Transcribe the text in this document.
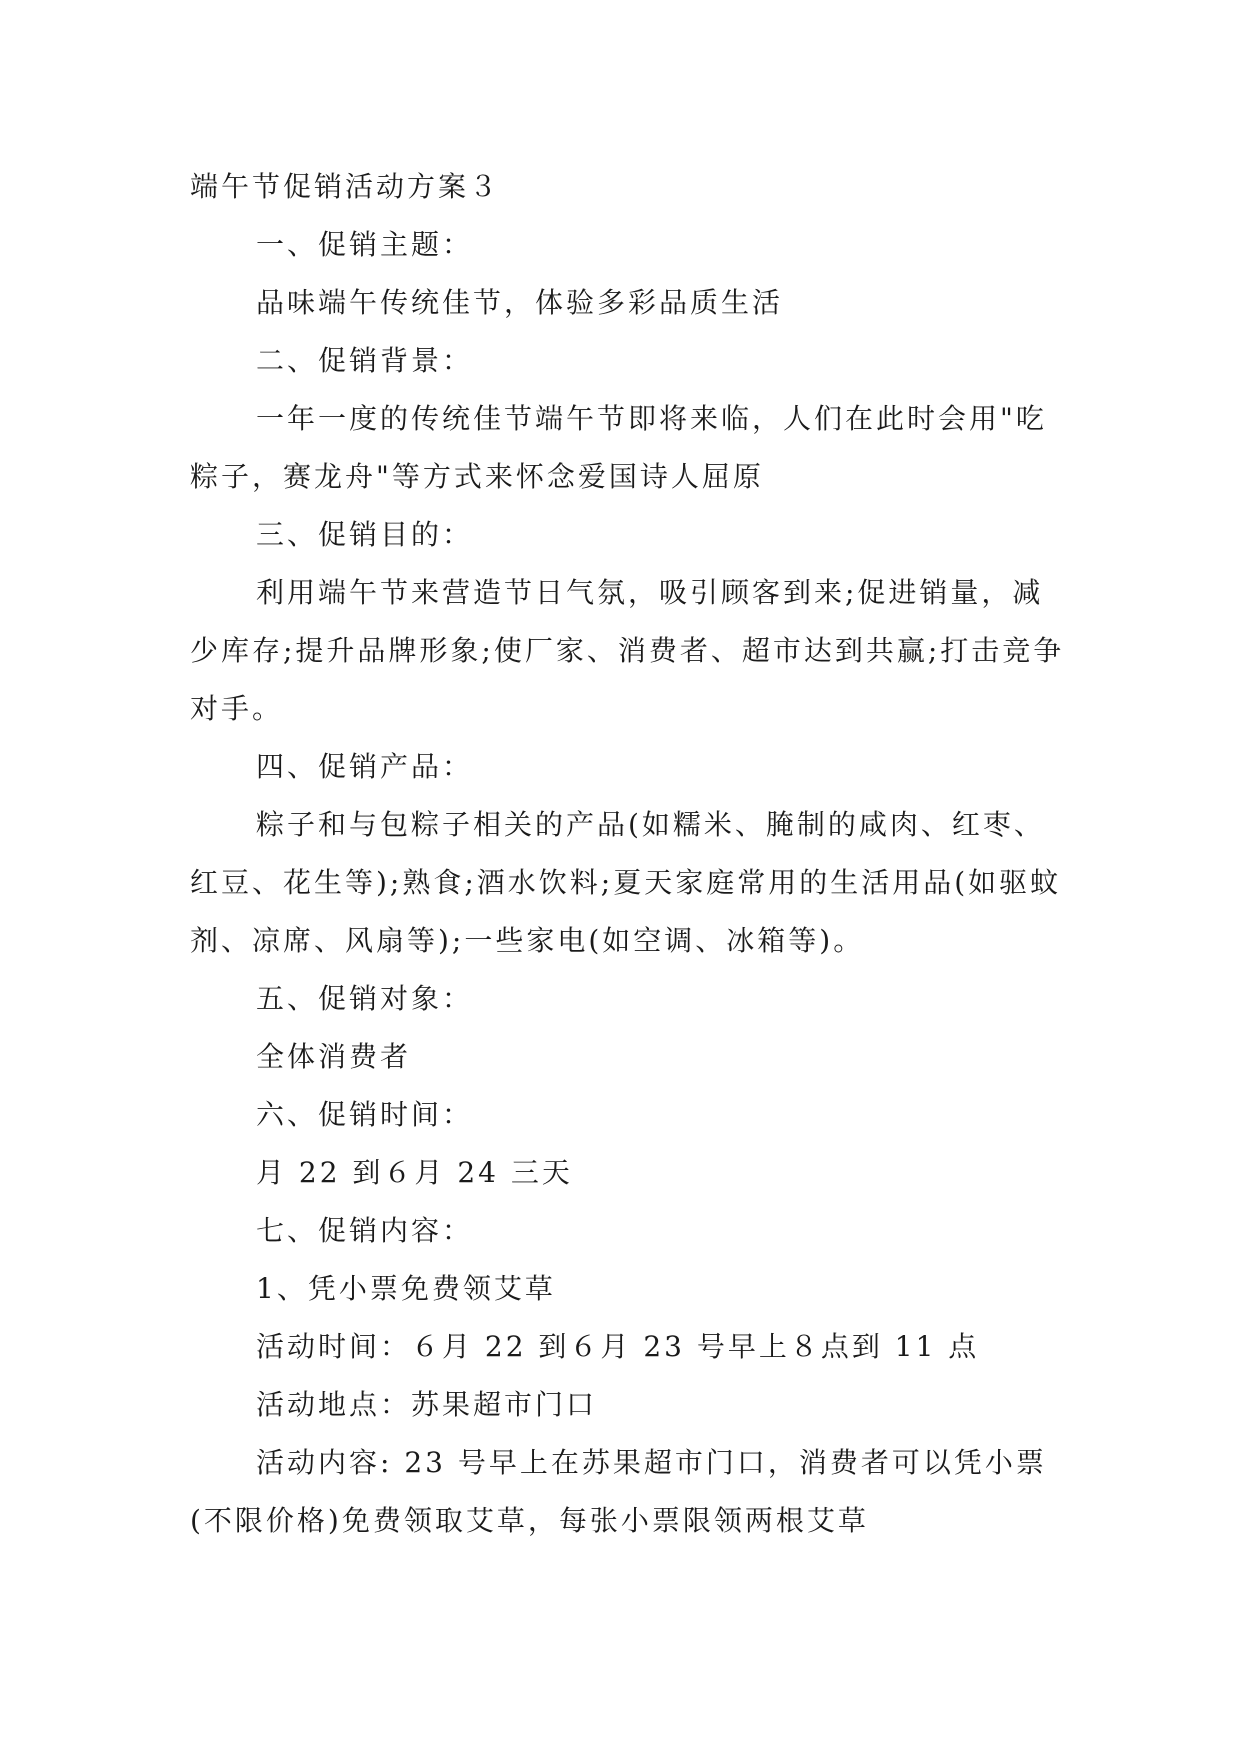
端午节促销活动方案３

一、促销主题：

品味端午传统佳节，体验多彩品质生活

二、促销背景：

一年一度的传统佳节端午节即将来临，人们在此时会用"吃粽子，赛龙舟"等方式来怀念爱国诗人屈原

三、促销目的：

利用端午节来营造节日气氛，吸引顾客到来;促进销量，减少库存;提升品牌形象;使厂家、消费者、超市达到共赢;打击竞争对手。

四、促销产品：

粽子和与包粽子相关的产品(如糯米、腌制的咸肉、红枣、红豆、花生等);熟食;酒水饮料;夏天家庭常用的生活用品(如驱蚊剂、凉席、风扇等);一些家电(如空调、冰箱等)。

五、促销对象：

全体消费者

六、促销时间：

月 22 到６月 24 三天

七、促销内容：

1、凭小票免费领艾草

活动时间：６月 22 到６月 23 号早上８点到 11 点

活动地点：苏果超市门口

活动内容: 23 号早上在苏果超市门口，消费者可以凭小票(不限价格)免费领取艾草，每张小票限领两根艾草
